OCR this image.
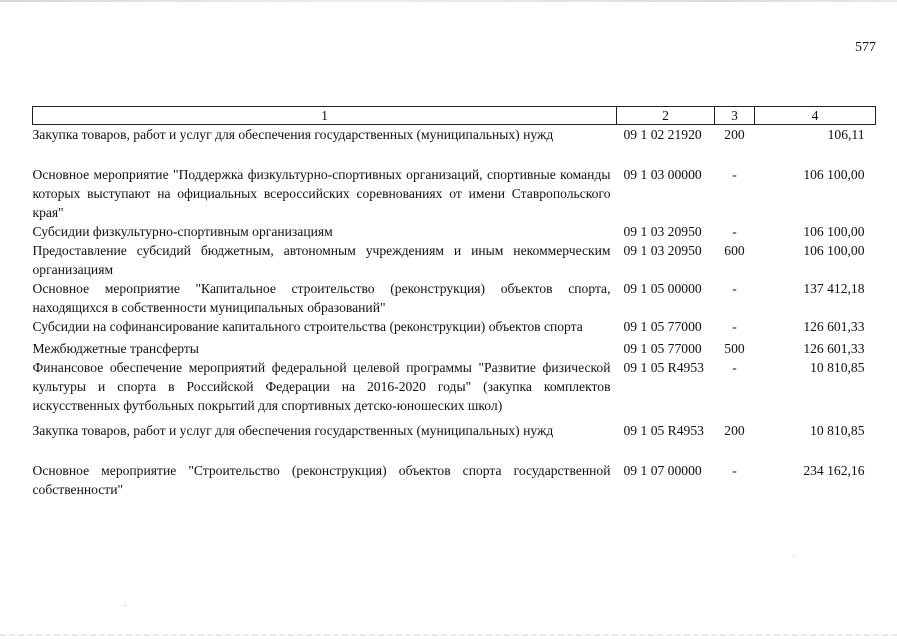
577
1	2	3	4
Закупка товаров, работ и услуг для обеспечения государственных (муниципальных) нужд	09 1 02 21920	200	106,11
Основное мероприятие "Поддержка физкультурно-спортивных организаций, спортивные команды которых выступают на официальных всероссийских соревнованиях от имени Ставропольского края"	09 1 03 00000	-	106 100,00
Субсидии физкультурно-спортивным организациям	09 1 03 20950	-	106 100,00
Предоставление субсидий бюджетным, автономным учреждениям и иным некоммерческим организациям	09 1 03 20950	600	106 100,00
Основное мероприятие "Капитальное строительство (реконструкция) объектов спорта, находящихся в собственности муниципальных образований"	09 1 05 00000	-	137 412,18
Субсидии на софинансирование капитального строительства (реконструкции) объектов спорта	09 1 05 77000	-	126 601,33
Межбюджетные трансферты	09 1 05 77000	500	126 601,33
Финансовое обеспечение мероприятий федеральной целевой программы "Развитие физической культуры и спорта в Российской Федерации на 2016-2020 годы" (закупка комплектов искусственных футбольных покрытий для спортивных детско-юношеских школ)	09 1 05 R4953	-	10 810,85
Закупка товаров, работ и услуг для обеспечения государственных (муниципальных) нужд	09 1 05 R4953	200	10 810,85
Основное мероприятие "Строительство (реконструкция) объектов спорта государственной собственности"	09 1 07 00000	-	234 162,16
